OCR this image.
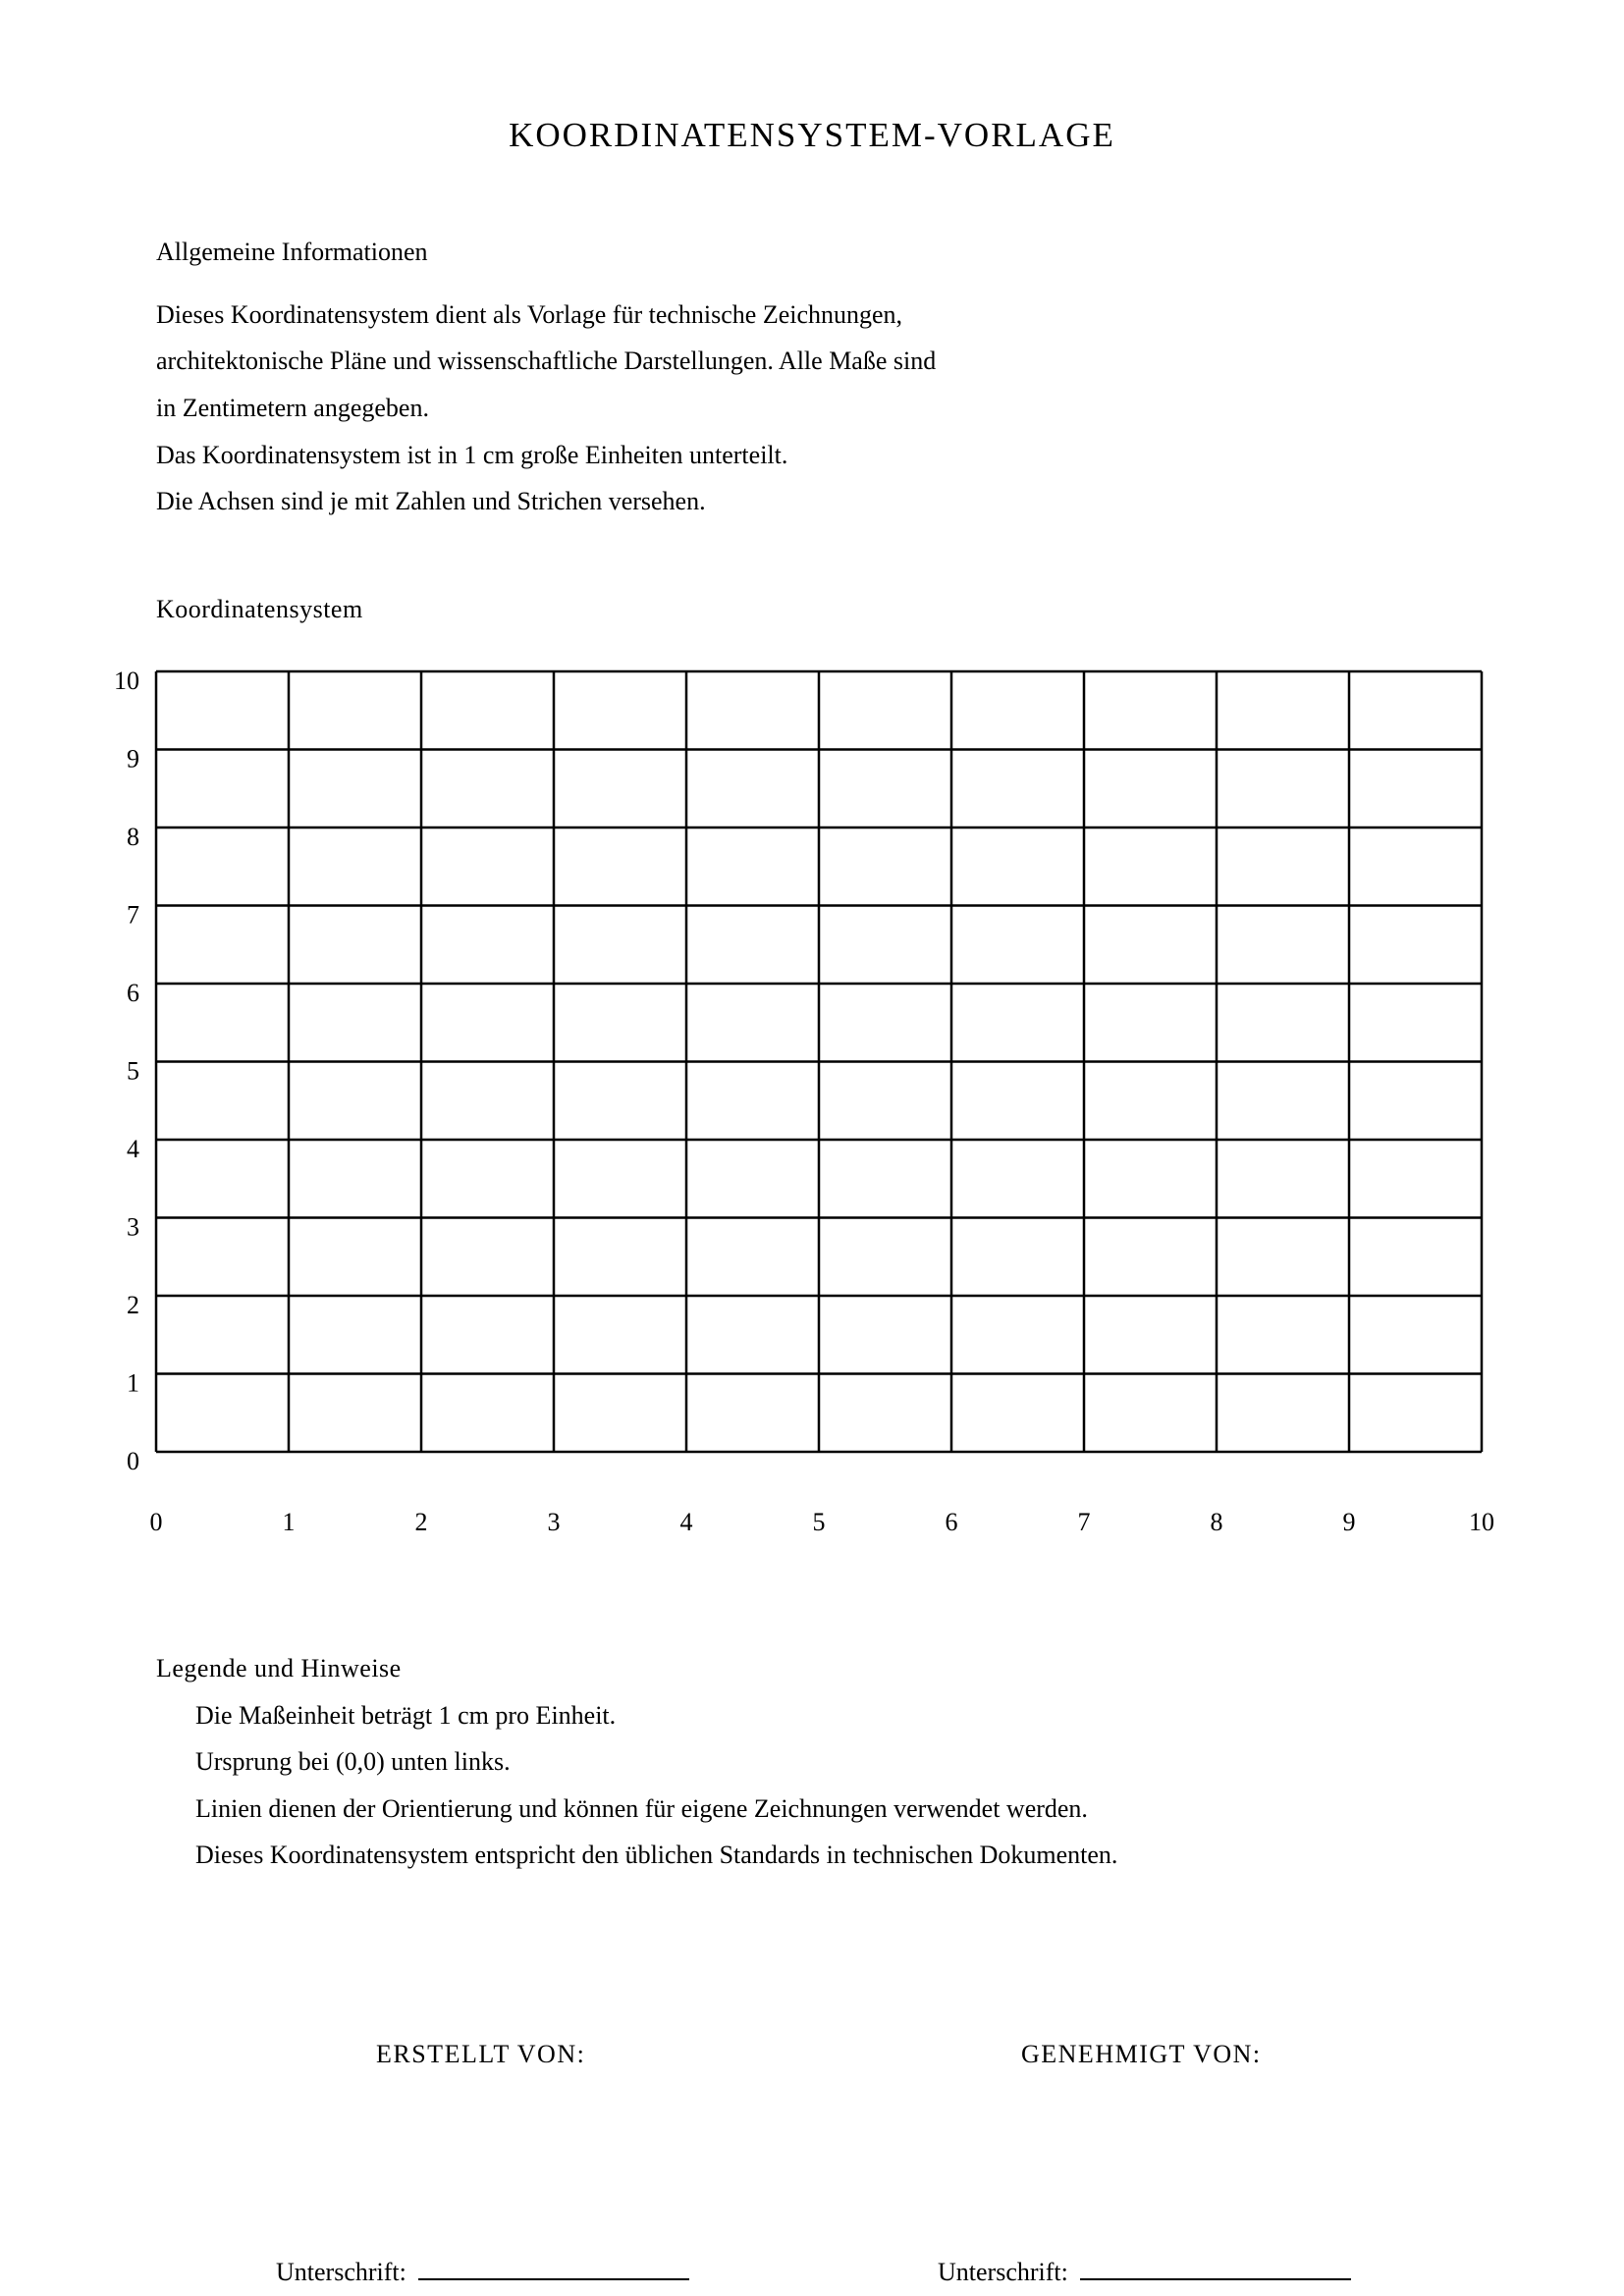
KOORDINATENSYSTEM-VORLAGE
Allgemeine Informationen
Dieses Koordinatensystem dient als Vorlage für technische Zeichnungen,
architektonische Pläne und wissenschaftliche Darstellungen. Alle Maße sind
in Zentimetern angegeben.
Das Koordinatensystem ist in 1 cm große Einheiten unterteilt.
Die Achsen sind je mit Zahlen und Strichen versehen.
Koordinatensystem
0	1	2	3	4	5	6	7	8	9	10
0
1
2
3
4
5
6
7
8
9
10
Legende und Hinweise
Die Maßeinheit beträgt 1 cm pro Einheit.
Ursprung bei (0,0) unten links.
Linien dienen der Orientierung und können für eigene Zeichnungen verwendet werden.
Dieses Koordinatensystem entspricht den üblichen Standards in technischen Dokumenten.
ERSTELLT VON:	GENEHMIGT VON:
Unterschrift:	Unterschrift:
